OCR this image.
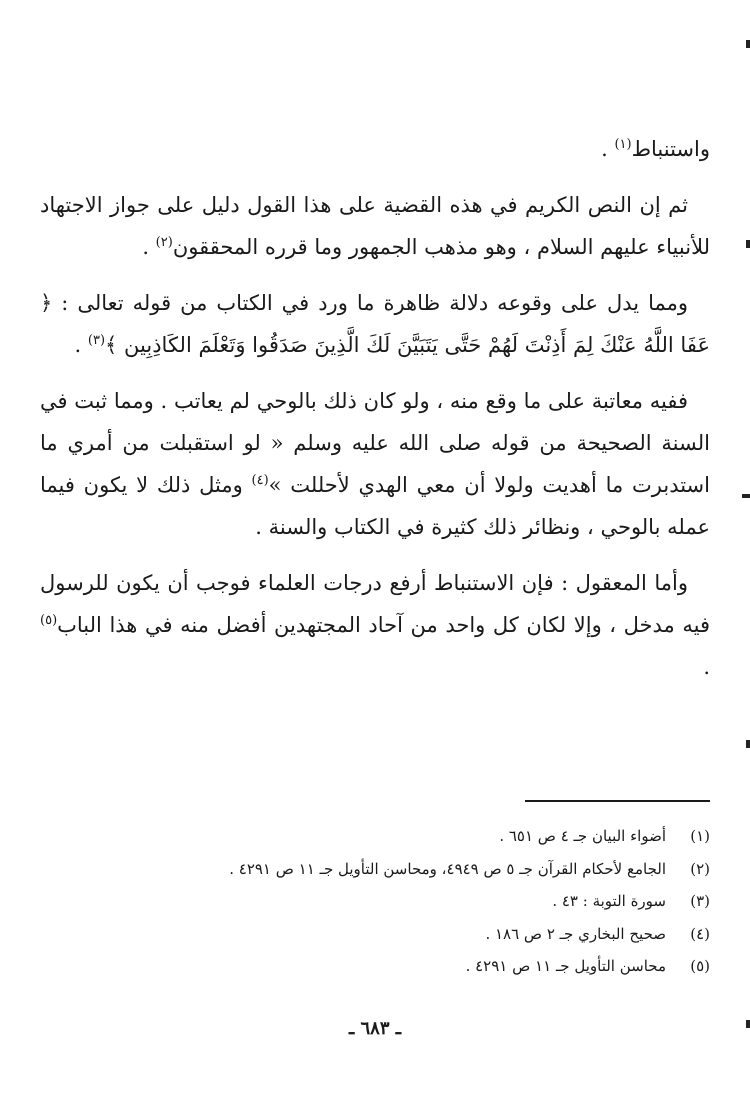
واستنباط$^{(١)}$ .

ثم إن النص الكريم في هذه القضية على هذا القول دليل على جواز الاجتهاد للأنبياء عليهم السلام ، وهو مذهب الجمهور وما قرره المحققون$^{(٢)}$ .

ومما يدل على وقوعه دلالة ظاهرة ما ورد في الكتاب من قوله تعالى : ﴿ عَفَا اللَّهُ عَنْكَ لِمَ أَذِنْتَ لَهُمْ حَتَّى يَتَبَيَّنَ لَكَ الَّذِينَ صَدَقُوا وَتَعْلَمَ الكَاذِبِين ﴾$^{(٣)}$ .

ففيه معاتبة على ما وقع منه ، ولو كان ذلك بالوحي لم يعاتب . ومما ثبت في السنة الصحيحة من قوله صلى الله عليه وسلم « لو استقبلت من أمري ما استدبرت ما أهديت ولولا أن معي الهدي لأحللت »$^{(٤)}$ ومثل ذلك لا يكون فيما عمله بالوحي ، ونظائر ذلك كثيرة في الكتاب والسنة .

وأما المعقول : فإن الاستنباط أرفع درجات العلماء فوجب أن يكون للرسول فيه مدخل ، وإلا لكان كل واحد من آحاد المجتهدين أفضل منه في هذا الباب$^{(٥)}$ .

(١)
أضواء البيان جـ ٤ ص ٦٥١ .
(٢)
الجامع لأحكام القرآن جـ ٥ ص ٤٩٤٩، ومحاسن التأويل جـ ١١ ص ٤٢٩١ .
(٣)
سورة التوبة : ٤٣ .
(٤)
صحيح البخاري جـ ٢ ص ١٨٦ .
(٥)
محاسن التأويل جـ ١١ ص ٤٢٩١ .
ـ ٦٨٣ ـ
